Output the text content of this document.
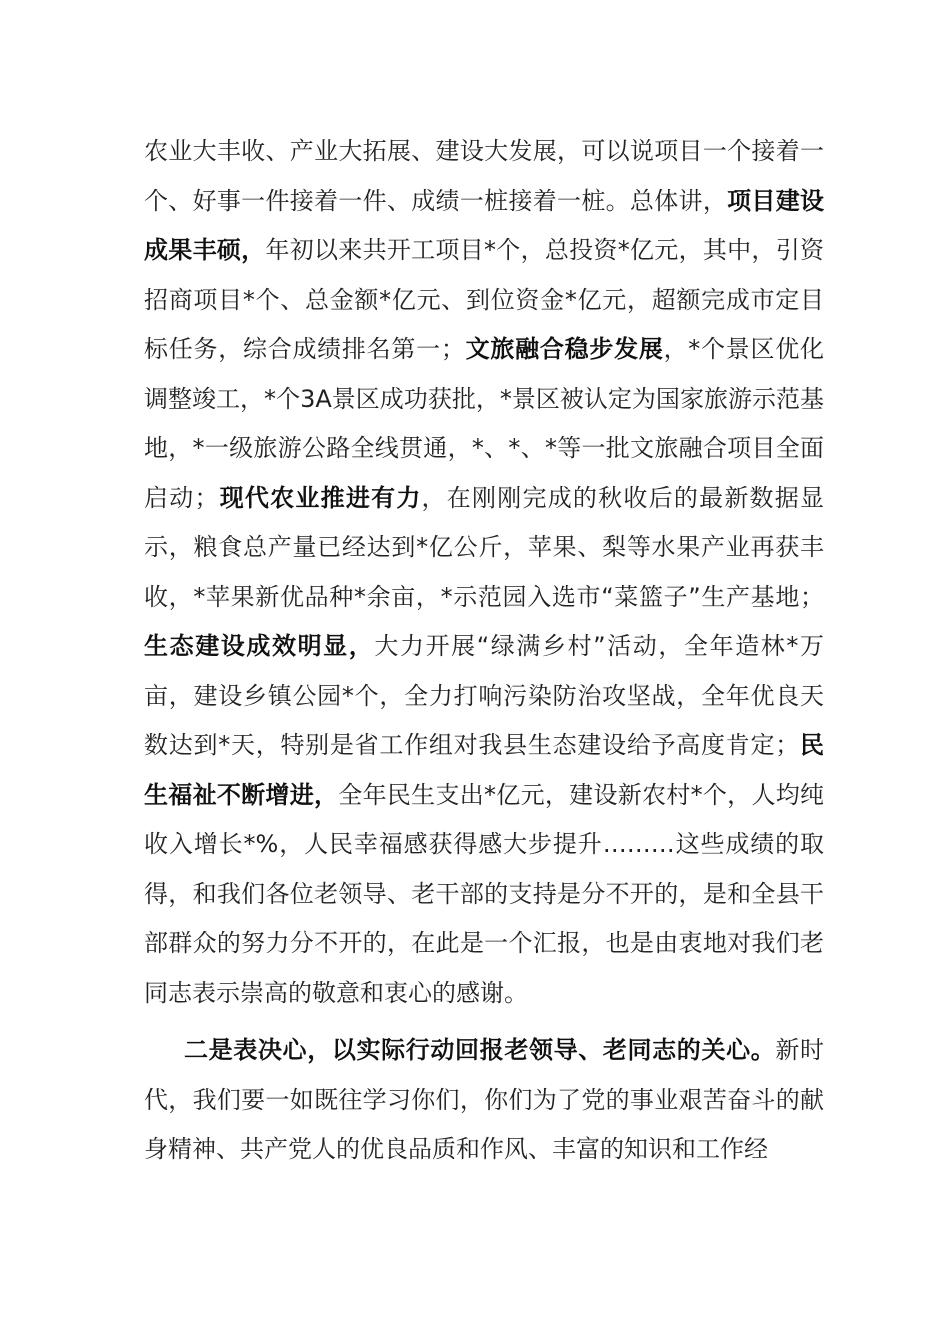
农业大丰收、产业大拓展、建设大发展，可以说项目一个接着一个、好事一件接着一件、成绩一桩接着一桩。总体讲，项目建设成果丰硕，年初以来共开工项目*个，总投资*亿元，其中，引资招商项目*个、总金额*亿元、到位资金*亿元，超额完成市定目标任务，综合成绩排名第一；文旅融合稳步发展，*个景区优化调整竣工，*个3A景区成功获批，*景区被认定为国家旅游示范基地，*一级旅游公路全线贯通，*、*、*等一批文旅融合项目全面启动；现代农业推进有力，在刚刚完成的秋收后的最新数据显示，粮食总产量已经达到*亿公斤，苹果、梨等水果产业再获丰收，*苹果新优品种*余亩，*示范园入选市“菜篮子”生产基地；生态建设成效明显，大力开展“绿满乡村”活动，全年造林*万亩，建设乡镇公园*个，全力打响污染防治攻坚战，全年优良天数达到*天，特别是省工作组对我县生态建设给予高度肯定；民生福祉不断增进，全年民生支出*亿元，建设新农村*个，人均纯收入增长*%，人民幸福感获得感大步提升………这些成绩的取得，和我们各位老领导、老干部的支持是分不开的，是和全县干部群众的努力分不开的，在此是一个汇报，也是由衷地对我们老同志表示崇高的敬意和衷心的感谢。

二是表决心，以实际行动回报老领导、老同志的关心。新时代，我们要一如既往学习你们，你们为了党的事业艰苦奋斗的献身精神、共产党人的优良品质和作风、丰富的知识和工作经
